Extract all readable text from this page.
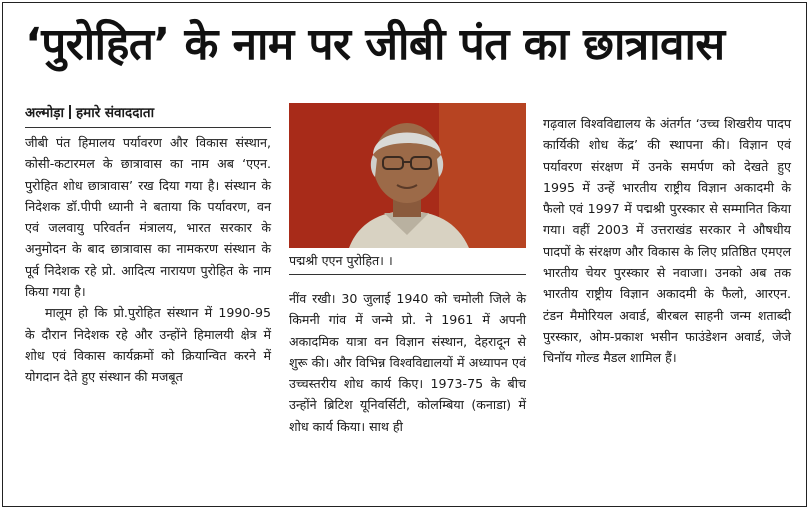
‘पुरोहित’ के नाम पर जीबी पंत का छात्रावास

अल्मोड़ा हमारे संवाददाता

जीबी पंत हिमालय पर्यावरण और विकास संस्थान, कोसी-कटारमल के छात्रावास का नाम अब ‘एएन. पुरोहित शोध छात्रावास’ रख दिया गया है। संस्थान के निदेशक डॉ.पीपी ध्यानी ने बताया कि पर्यावरण, वन एवं जलवायु परिवर्तन मंत्रालय, भारत सरकार के अनुमोदन के बाद छात्रावास का नामकरण संस्थान के पूर्व निदेशक रहे प्रो. आदित्य नारायण पुरोहित के नाम किया गया है।

मालूम हो कि प्रो.पुरोहित संस्थान में 1990-95 के दौरान निदेशक रहे और उन्होंने हिमालयी क्षेत्र में शोध एवं विकास कार्यक्रमों को क्रियान्वित करने में योगदान देते हुए संस्थान की मजबूत

पद्मश्री एएन पुरोहित। ।

नींव रखी। 30 जुलाई 1940 को चमोली जिले के किमनी गांव में जन्मे प्रो. ने 1961 में अपनी अकादमिक यात्रा वन विज्ञान संस्थान, देहरादून से शुरू की। और विभिन्न विश्वविद्यालयों में अध्यापन एवं उच्चस्तरीय शोध कार्य किए। 1973-75 के बीच उन्होंने ब्रिटिश यूनिवर्सिटी, कोलम्बिया (कनाडा) में शोध कार्य किया। साथ ही

गढ़वाल विश्वविद्यालय के अंतर्गत ‘उच्च शिखरीय पादप कार्यिकी शोध केंद्र’ की स्थापना की। विज्ञान एवं पर्यावरण संरक्षण में उनके समर्पण को देखते हुए 1995 में उन्हें भारतीय राष्ट्रीय विज्ञान अकादमी के फैलो एवं 1997 में पद्मश्री पुरस्कार से सम्मानित किया गया। वहीं 2003 में उत्तराखंड सरकार ने औषधीय पादपों के संरक्षण और विकास के लिए प्रतिष्ठित एमएल भारतीय चेयर पुरस्कार से नवाजा। उनको अब तक भारतीय राष्ट्रीय विज्ञान अकादमी के फैलो, आरएन. टंडन मैमोरियल अवार्ड, बीरबल साहनी जन्म शताब्दी पुरस्कार, ओम-प्रकाश भसीन फाउंडेशन अवार्ड, जेजे चिनॉय गोल्ड मैडल शामिल हैं।
